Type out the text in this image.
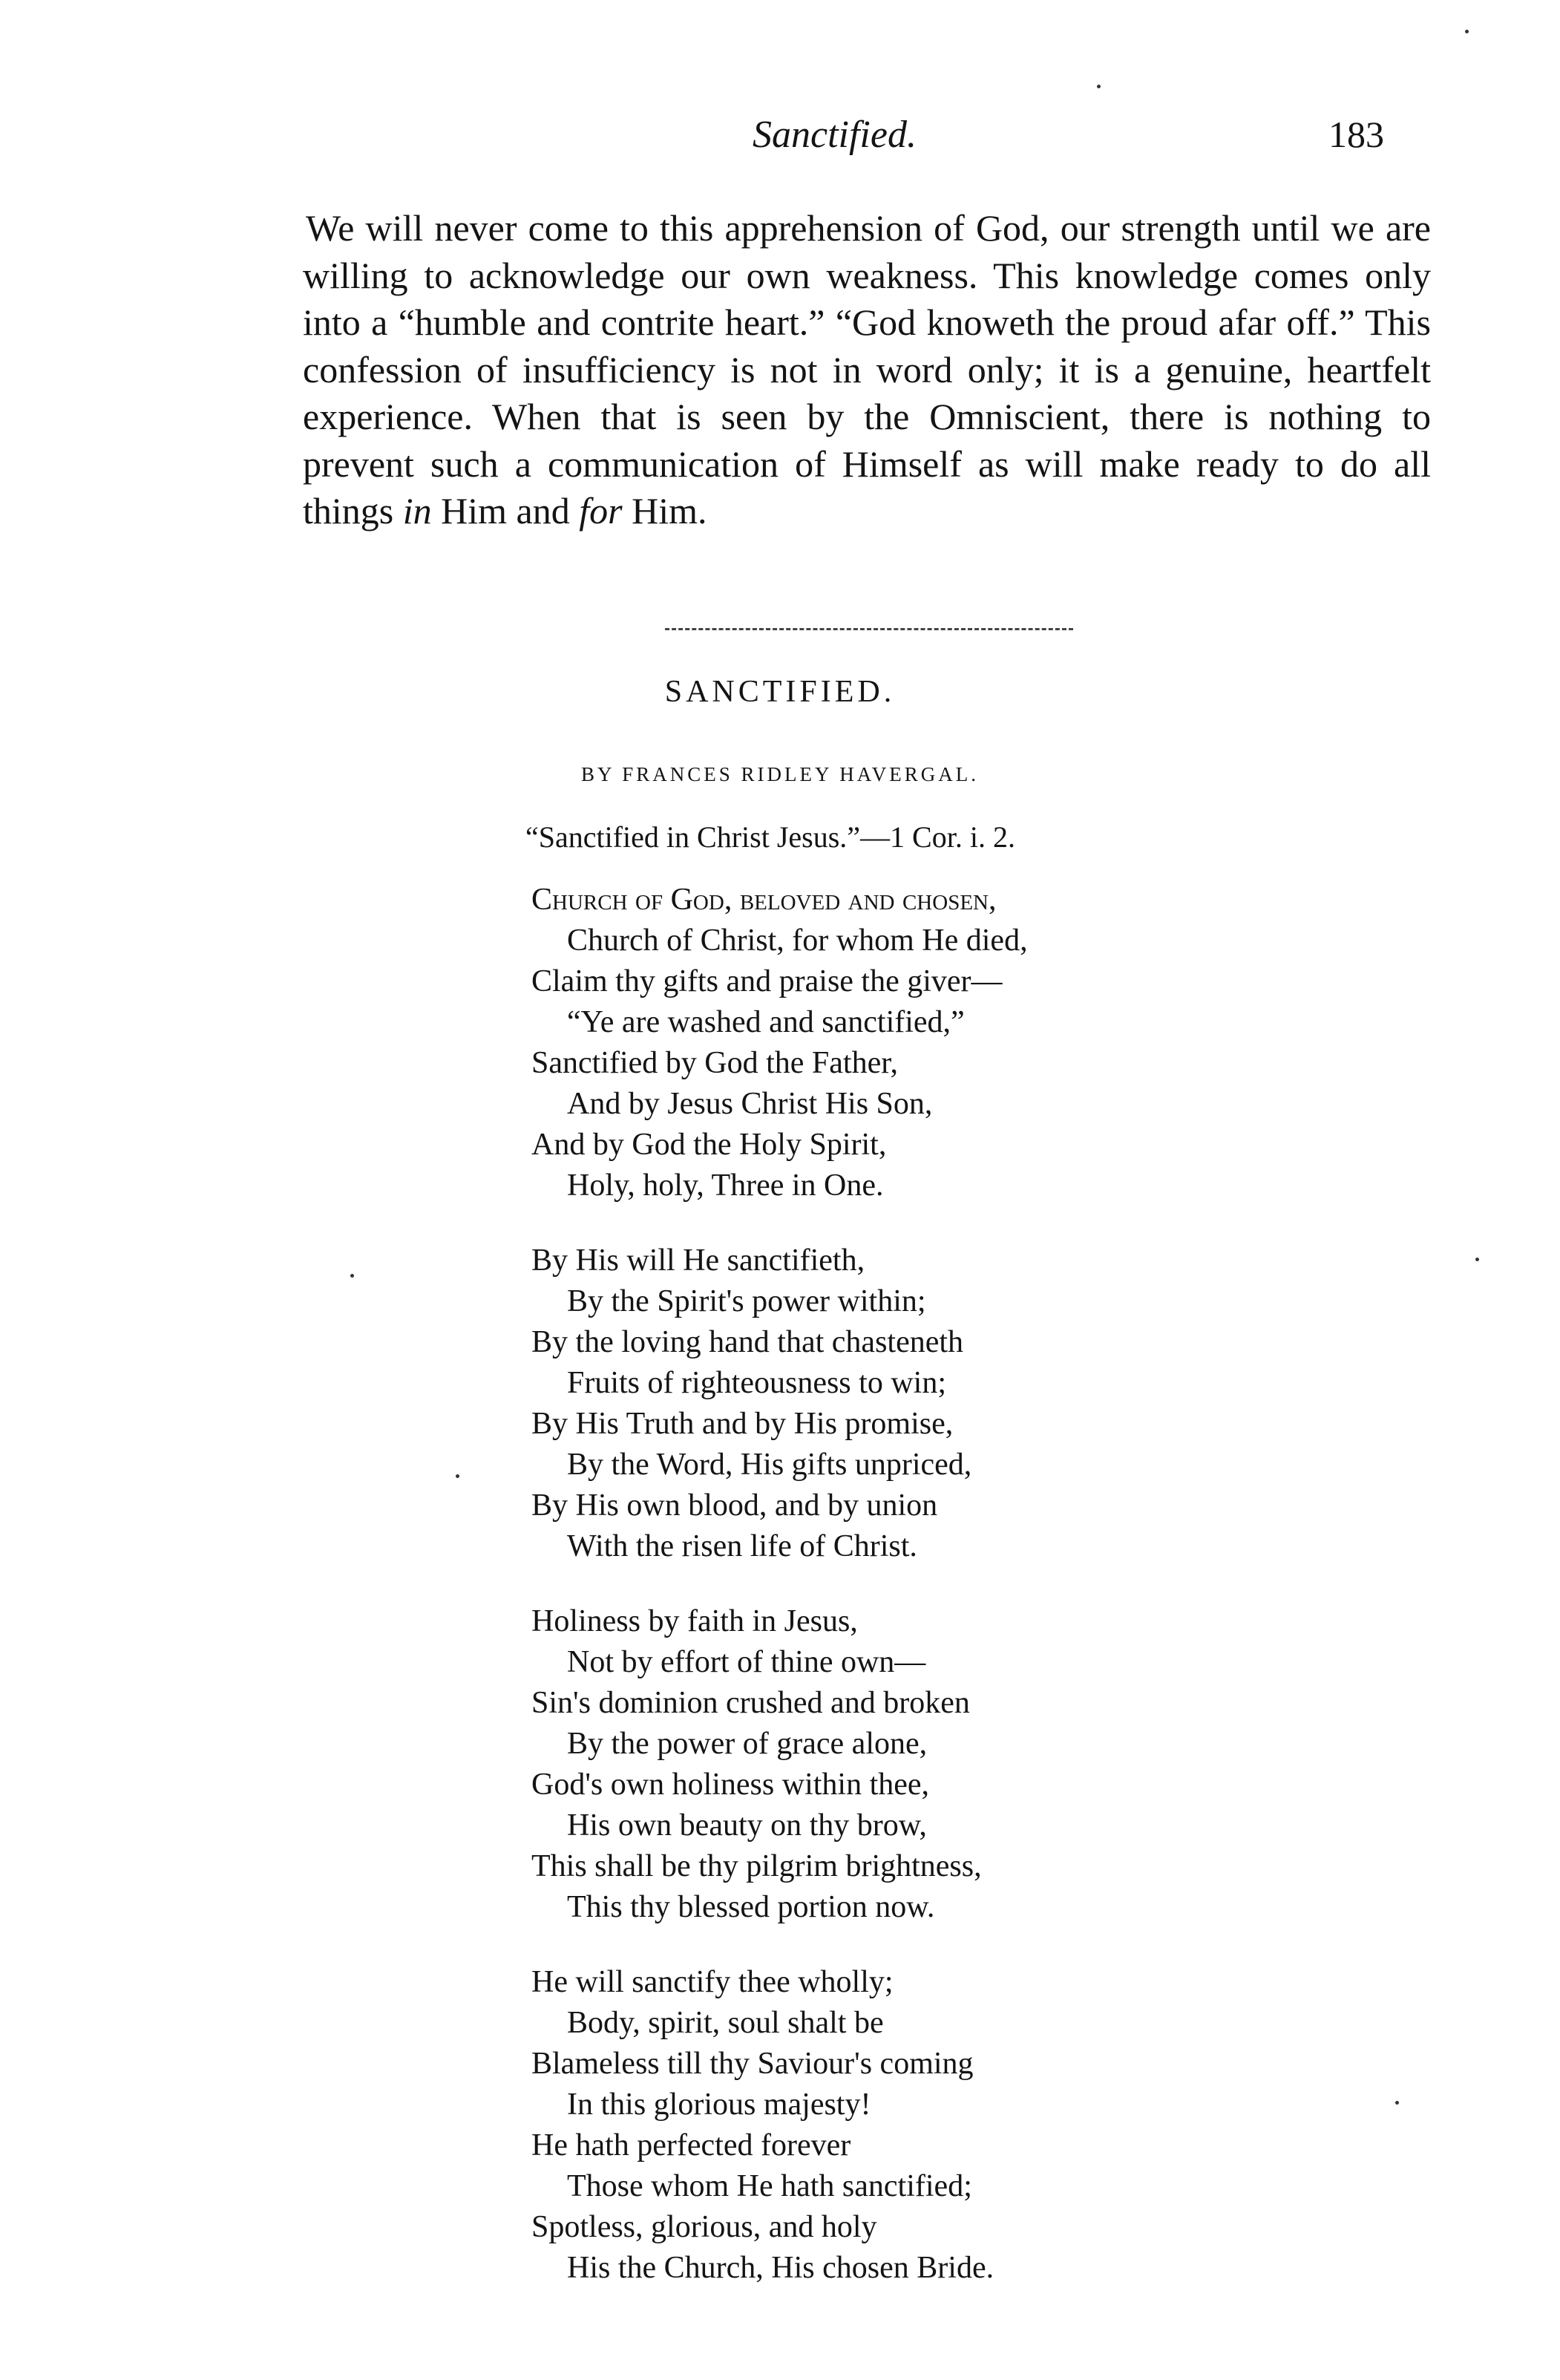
Sanctified.	183

We will never come to this apprehension of God, our strength until we are willing to acknowledge our own weakness. This knowledge comes only into a “humble and contrite heart.” “God knoweth the proud afar off.” This confession of insufficiency is not in word only; it is a genuine, heartfelt experience. When that is seen by the Omniscient, there is nothing to prevent such a communication of Himself as will make ready to do all things in Him and for Him.

SANCTIFIED.
BY FRANCES RIDLEY HAVERGAL.
“Sanctified in Christ Jesus.”—1 Cor. i. 2.
Church of God, beloved and chosen,
Church of Christ, for whom He died,
Claim thy gifts and praise the giver—
“Ye are washed and sanctified,”
Sanctified by God the Father,
And by Jesus Christ His Son,
And by God the Holy Spirit,
Holy, holy, Three in One.
By His will He sanctifieth,
By the Spirit's power within;
By the loving hand that chasteneth
Fruits of righteousness to win;
By His Truth and by His promise,
By the Word, His gifts unpriced,
By His own blood, and by union
With the risen life of Christ.
Holiness by faith in Jesus,
Not by effort of thine own—
Sin's dominion crushed and broken
By the power of grace alone,
God's own holiness within thee,
His own beauty on thy brow,
This shall be thy pilgrim brightness,
This thy blessed portion now.
He will sanctify thee wholly;
Body, spirit, soul shalt be
Blameless till thy Saviour's coming
In this glorious majesty!
He hath perfected forever
Those whom He hath sanctified;
Spotless, glorious, and holy
His the Church, His chosen Bride.
